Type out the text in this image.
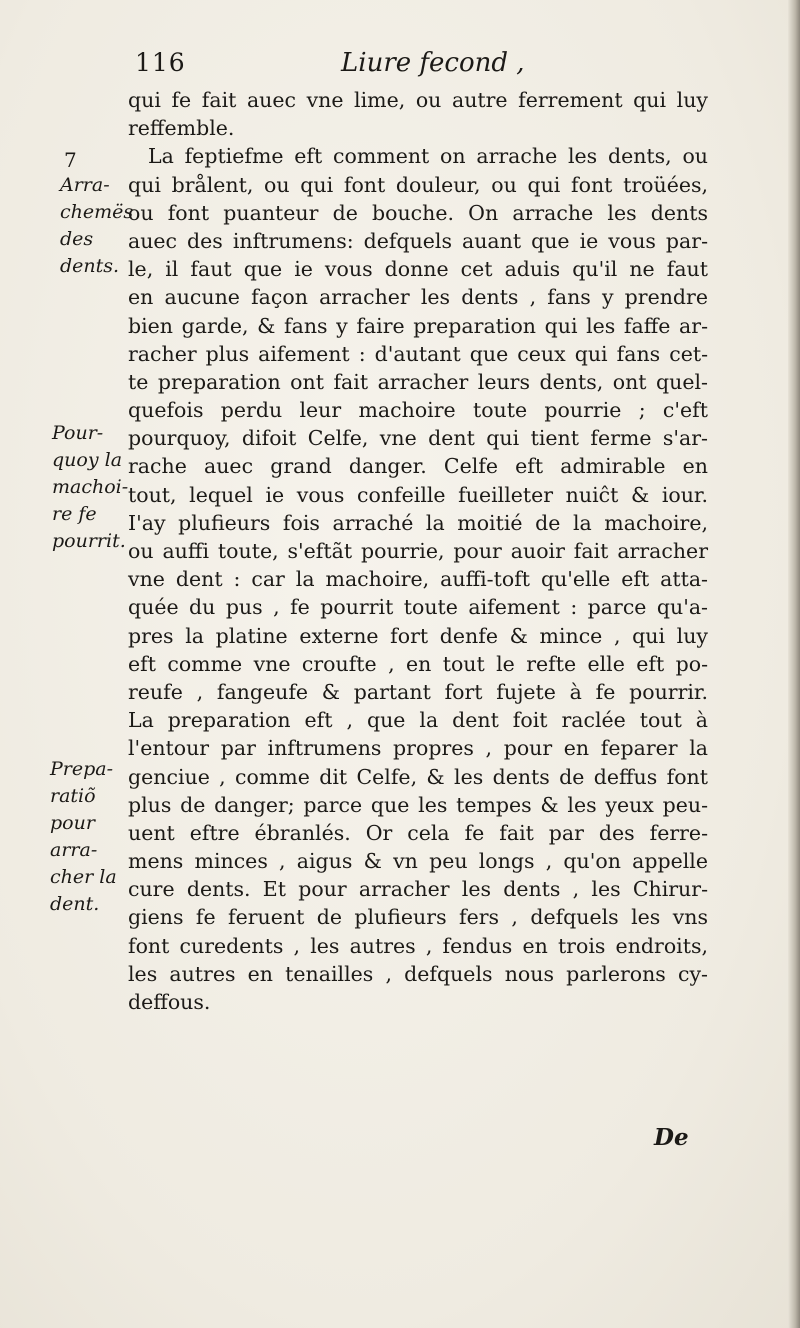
116	Liure fecond ,
7
Arra-
chemës
des
dents.
Pour-
quoy la
machoi-
re fe
pourrit.
Prepa-
ratiõ
pour
arra-
cher la
dent.
qui fe fait auec vne lime, ou autre ferrement qui luy
reffemble.
La feptiefme eft comment on arrache les dents, ou
qui brålent, ou qui font douleur, ou qui font troüées,
ou font puanteur de bouche. On arrache les dents
auec des inftrumens: defquels auant que ie vous par-
le, il faut que ie vous donne cet aduis qu'il ne faut
en aucune façon arracher les dents , fans y prendre
bien garde, & fans y faire preparation qui les faffe ar-
racher plus aifement : d'autant que ceux qui fans cet-
te preparation ont fait arracher leurs dents, ont quel-
quefois perdu leur machoire toute pourrie ; c'eft
pourquoy, difoit Celfe, vne dent qui tient ferme s'ar-
rache auec grand danger. Celfe eft admirable en
tout, lequel ie vous confeille fueilleter nuiĉt & iour.
I'ay plufieurs fois arraché la moitié de la machoire,
ou auffi toute, s'eftãt pourrie, pour auoir fait arracher
vne dent : car la machoire, auffi-toft qu'elle eft atta-
quée du pus , fe pourrit toute aifement : parce qu'a-
pres la platine externe fort denfe & mince , qui luy
eft comme vne croufte , en tout le refte elle eft po-
reufe , fangeufe & partant fort fujete à fe pourrir.
La preparation eft , que la dent foit raclée tout à
l'entour par inftrumens propres , pour en feparer la
genciue , comme dit Celfe, & les dents de deffus font
plus de danger; parce que les tempes & les yeux peu-
uent eftre ébranlés. Or cela fe fait par des ferre-
mens minces , aigus & vn peu longs , qu'on appelle
cure dents. Et pour arracher les dents , les Chirur-
giens fe feruent de plufieurs fers , defquels les vns
font curedents , les autres , fendus en trois endroits,
les autres en tenailles , defquels nous parlerons cy-
deffous.
De
